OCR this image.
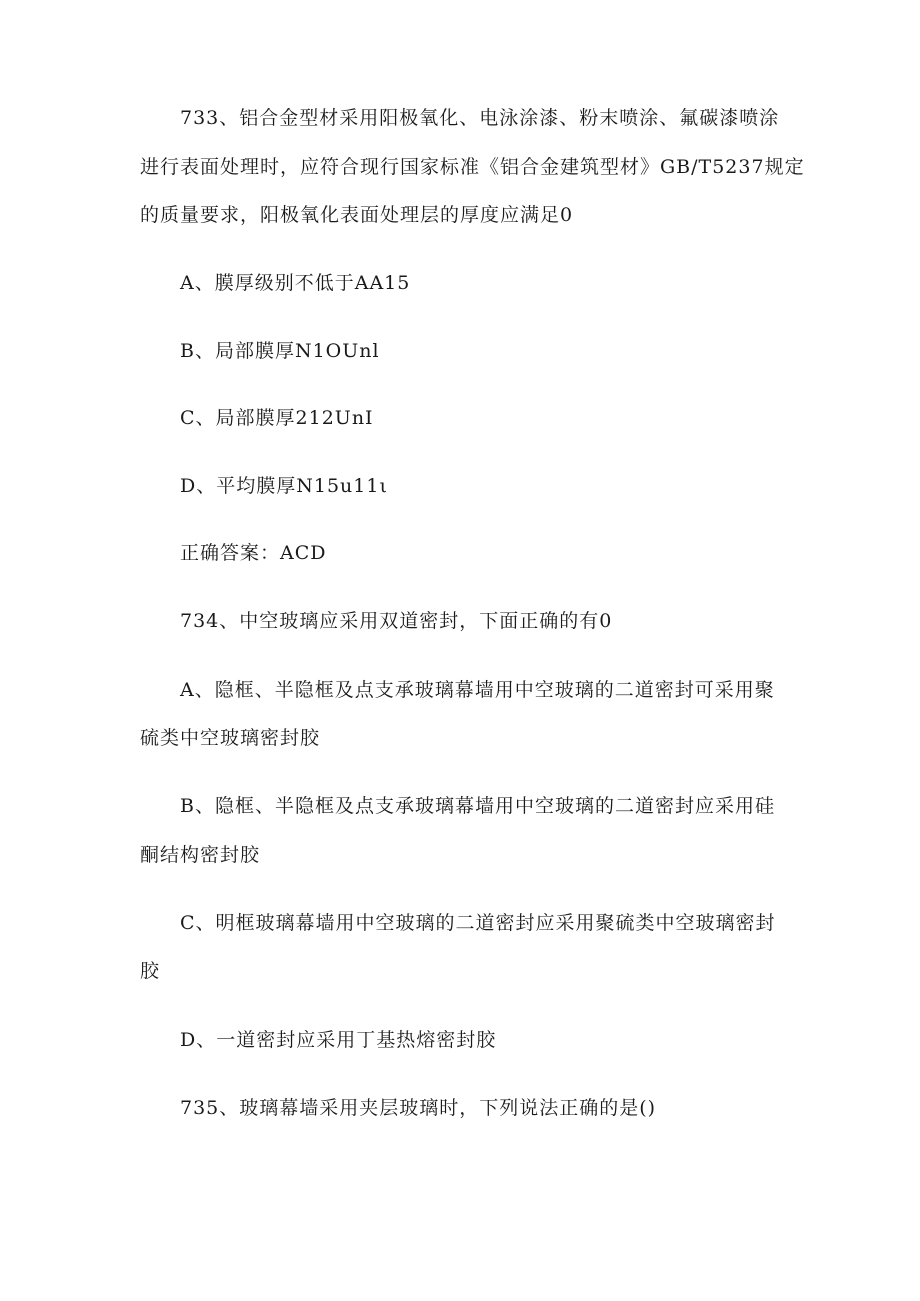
733、铝合金型材采用阳极氧化、电泳涂漆、粉末喷涂、氟碳漆喷涂
进行表面处理时，应符合现行国家标准《铝合金建筑型材》GB/T5237规定
的质量要求，阳极氧化表面处理层的厚度应满足0
A、膜厚级别不低于AA15
B、局部膜厚N1OUnl
C、局部膜厚212UnI
D、平均膜厚N15u11ι
正确答案：ACD
734、中空玻璃应采用双道密封，下面正确的有0
A、隐框、半隐框及点支承玻璃幕墙用中空玻璃的二道密封可采用聚
硫类中空玻璃密封胶
B、隐框、半隐框及点支承玻璃幕墙用中空玻璃的二道密封应采用硅
酮结构密封胶
C、明框玻璃幕墙用中空玻璃的二道密封应采用聚硫类中空玻璃密封
胶
D、一道密封应采用丁基热熔密封胶
735、玻璃幕墙采用夹层玻璃时，下列说法正确的是()
